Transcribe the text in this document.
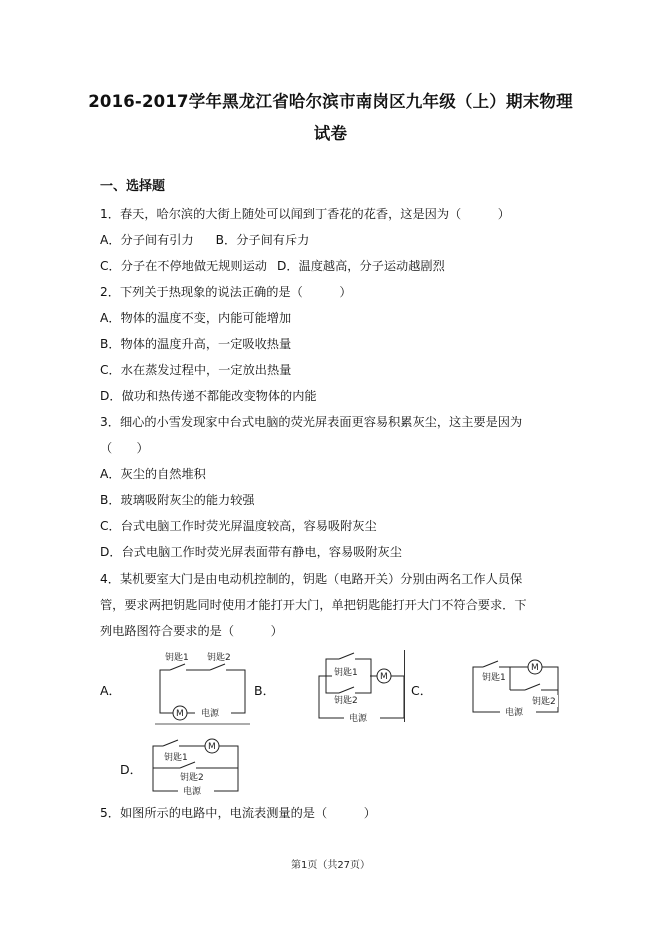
2016-2017学年黑龙江省哈尔滨市南岗区九年级（上）期末物理
试卷
一、选择题
1．春天，哈尔滨的大街上随处可以闻到丁香花的花香，这是因为（　　　）
A．分子间有引力 B．分子间有斥力
C．分子在不停地做无规则运动 D．温度越高，分子运动越剧烈
2．下列关于热现象的说法正确的是（　　　）
A．物体的温度不变，内能可能增加
B．物体的温度升高，一定吸收热量
C．水在蒸发过程中，一定放出热量
D．做功和热传递不都能改变物体的内能
3．细心的小雪发现家中台式电脑的荧光屏表面更容易积累灰尘，这主要是因为
（　　）
A．灰尘的自然堆积
B．玻璃吸附灰尘的能力较强
C．台式电脑工作时荧光屏温度较高，容易吸附灰尘
D．台式电脑工作时荧光屏表面带有静电，容易吸附灰尘
4．某机要室大门是由电动机控制的，钥匙（电路开关）分别由两名工作人员保
管，要求两把钥匙同时使用才能打开大门，单把钥匙能打开大门不符合要求．下
列电路图符合要求的是（　　　）
A．	B．	C．
D．
钥匙1 钥匙2
M 电源
钥匙1
钥匙2
M
电源
M
钥匙1
钥匙2
电源
M
钥匙1
钥匙2
电源
5．如图所示的电路中，电流表测量的是（　　　）
第1页（共27页）
